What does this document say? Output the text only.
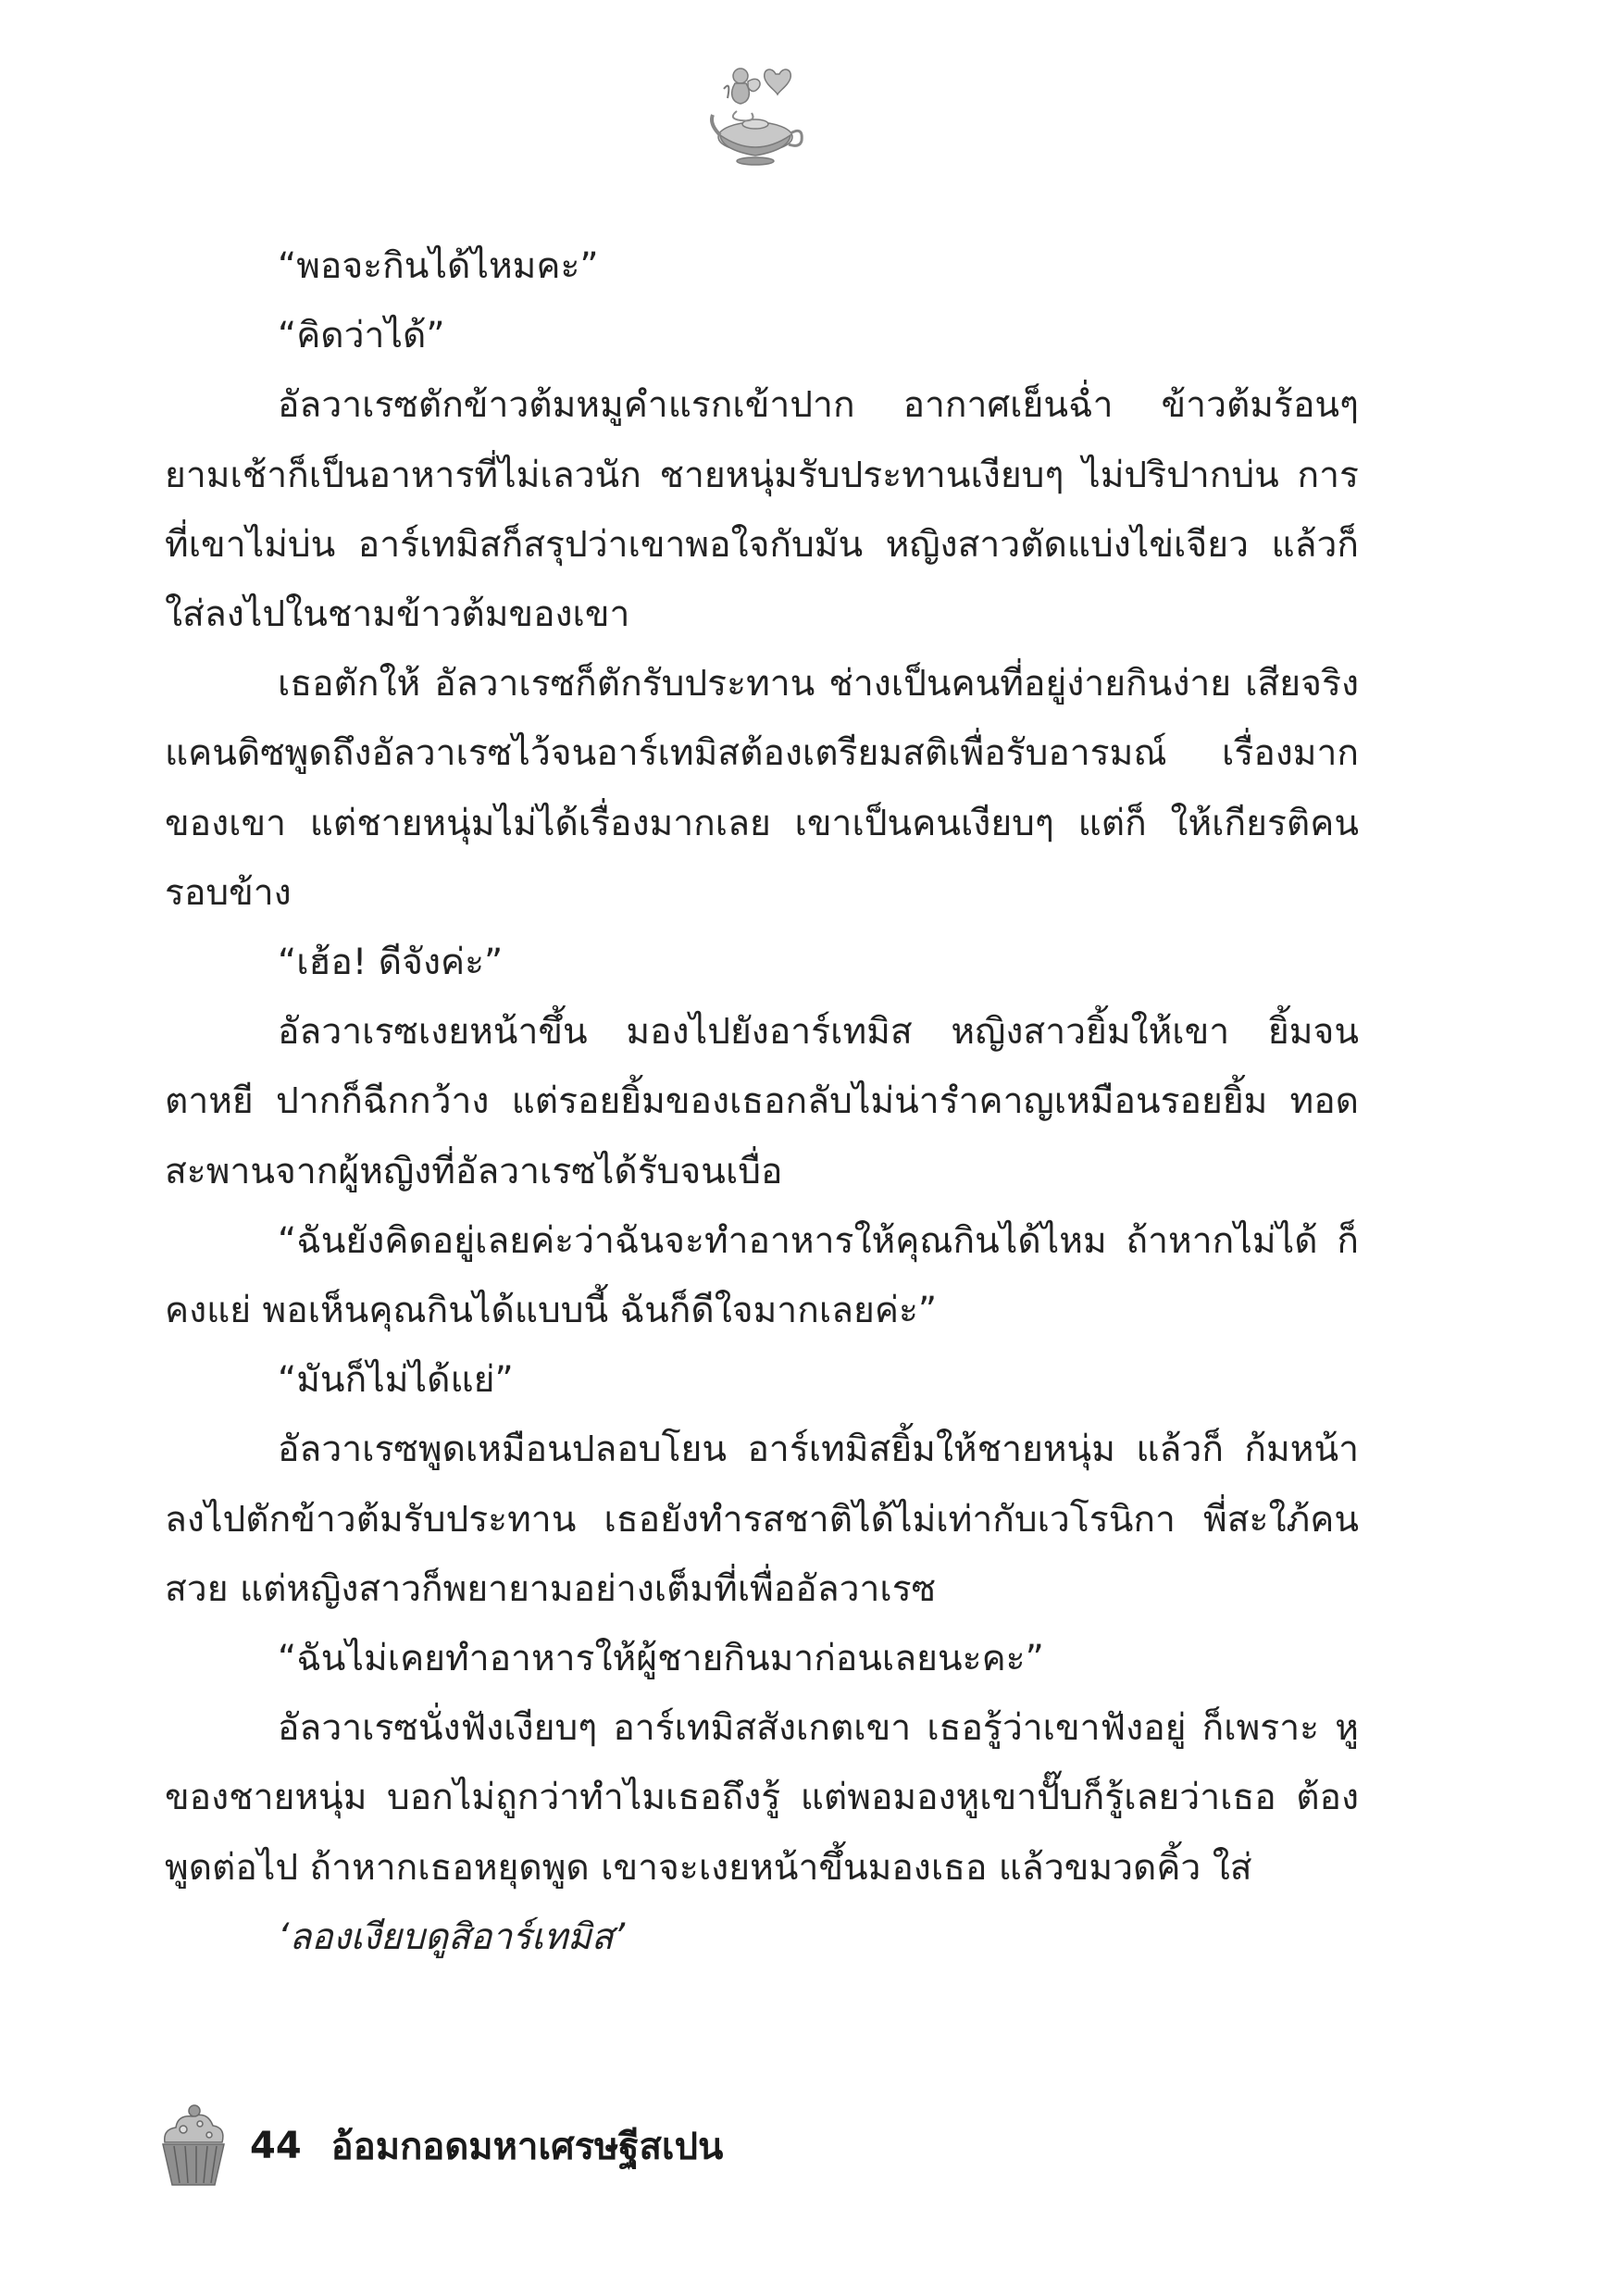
“พอจะกินได้ไหมคะ”

“คิดว่าได้”

อัลวาเรซตักข้าวต้มหมูคำแรกเข้าปาก อากาศเย็นฉ่ำ ข้าวต้มร้อนๆ ยามเช้าก็เป็นอาหารที่ไม่เลวนัก ชายหนุ่มรับประทานเงียบๆ ไม่ปริปากบ่น การที่เขาไม่บ่น อาร์เทมิสก็สรุปว่าเขาพอใจกับมัน หญิงสาวตัดแบ่งไข่เจียว แล้วก็ใส่ลงไปในชามข้าวต้มของเขา

เธอตักให้ อัลวาเรซก็ตักรับประทาน ช่างเป็นคนที่อยู่ง่ายกินง่าย เสียจริง แคนดิซพูดถึงอัลวาเรซไว้จนอาร์เทมิสต้องเตรียมสติเพื่อรับอารมณ์ เรื่องมากของเขา แต่ชายหนุ่มไม่ได้เรื่องมากเลย เขาเป็นคนเงียบๆ แต่ก็ ให้เกียรติคนรอบข้าง

“เฮ้อ! ดีจังค่ะ”

อัลวาเรซเงยหน้าขึ้น มองไปยังอาร์เทมิส หญิงสาวยิ้มให้เขา ยิ้มจน ตาหยี ปากก็ฉีกกว้าง แต่รอยยิ้มของเธอกลับไม่น่ารำคาญเหมือนรอยยิ้ม ทอดสะพานจากผู้หญิงที่อัลวาเรซได้รับจนเบื่อ

“ฉันยังคิดอยู่เลยค่ะว่าฉันจะทำอาหารให้คุณกินได้ไหม ถ้าหากไม่ได้ ก็คงแย่ พอเห็นคุณกินได้แบบนี้ ฉันก็ดีใจมากเลยค่ะ”

“มันก็ไม่ได้แย่”

อัลวาเรซพูดเหมือนปลอบโยน อาร์เทมิสยิ้มให้ชายหนุ่ม แล้วก็ ก้มหน้าลงไปตักข้าวต้มรับประทาน เธอยังทำรสชาติได้ไม่เท่ากับเวโรนิกา พี่สะใภ้คนสวย แต่หญิงสาวก็พยายามอย่างเต็มที่เพื่ออัลวาเรซ

“ฉันไม่เคยทำอาหารให้ผู้ชายกินมาก่อนเลยนะคะ”

อัลวาเรซนั่งฟังเงียบๆ อาร์เทมิสสังเกตเขา เธอรู้ว่าเขาฟังอยู่ ก็เพราะ หูของชายหนุ่ม บอกไม่ถูกว่าทำไมเธอถึงรู้ แต่พอมองหูเขาปั๊บก็รู้เลยว่าเธอ ต้องพูดต่อไป ถ้าหากเธอหยุดพูด เขาจะเงยหน้าขึ้นมองเธอ แล้วขมวดคิ้ว ใส่

‘ลองเงียบดูสิอาร์เทมิส’

44 อ้อมกอดมหาเศรษฐีสเปน
